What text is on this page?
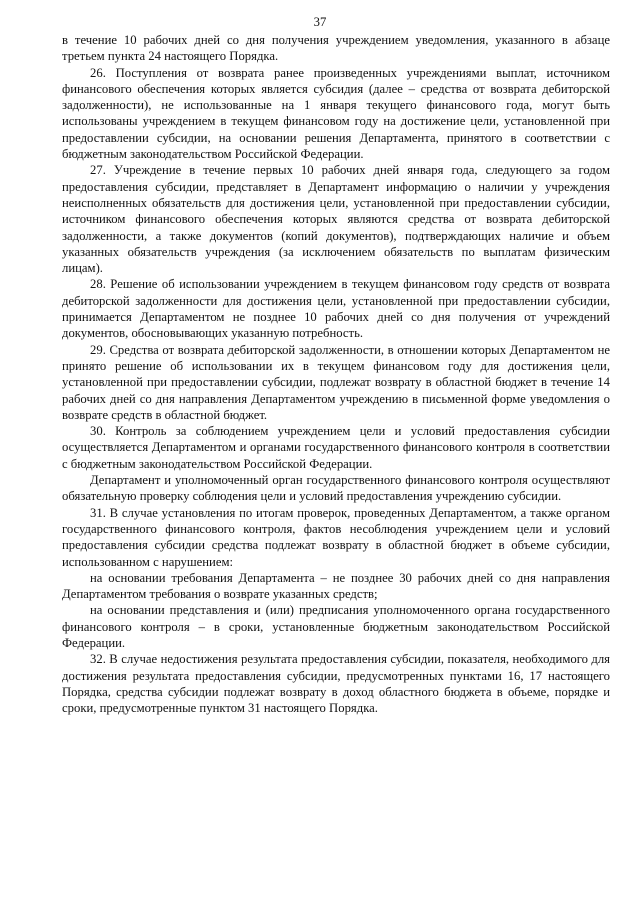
37

в течение 10 рабочих дней со дня получения учреждением уведомления, указанного в абзаце третьем пункта 24 настоящего Порядка.

26. Поступления от возврата ранее произведенных учреждениями выплат, источником финансового обеспечения которых является субсидия (далее – средства от возврата дебиторской задолженности), не использованные на 1 января текущего финансового года, могут быть использованы учреждением в текущем финансовом году на достижение цели, установленной при предоставлении субсидии, на основании решения Департамента, принятого в соответствии с бюджетным законодательством Российской Федерации.

27. Учреждение в течение первых 10 рабочих дней января года, следующего за годом предоставления субсидии, представляет в Департамент информацию о наличии у учреждения неисполненных обязательств для достижения цели, установленной при предоставлении субсидии, источником финансового обеспечения которых являются средства от возврата дебиторской задолженности, а также документов (копий документов), подтверждающих наличие и объем указанных обязательств учреждения (за исключением обязательств по выплатам физическим лицам).

28. Решение об использовании учреждением в текущем финансовом году средств от возврата дебиторской задолженности для достижения цели, установленной при предоставлении субсидии, принимается Департаментом не позднее 10 рабочих дней со дня получения от учреждений документов, обосновывающих указанную потребность.

29. Средства от возврата дебиторской задолженности, в отношении которых Департаментом не принято решение об использовании их в текущем финансовом году для достижения цели, установленной при предоставлении субсидии, подлежат возврату в областной бюджет в течение 14 рабочих дней со дня направления Департаментом учреждению в письменной форме уведомления о возврате средств в областной бюджет.

30. Контроль за соблюдением учреждением цели и условий предоставления субсидии осуществляется Департаментом и органами государственного финансового контроля в соответствии с бюджетным законодательством Российской Федерации.

Департамент и уполномоченный орган государственного финансового контроля осуществляют обязательную проверку соблюдения цели и условий предоставления учреждению субсидии.

31. В случае установления по итогам проверок, проведенных Департаментом, а также органом государственного финансового контроля, фактов несоблюдения учреждением цели и условий предоставления субсидии средства подлежат возврату в областной бюджет в объеме субсидии, использованном с нарушением:

на основании требования Департамента – не позднее 30 рабочих дней со дня направления Департаментом требования о возврате указанных средств;

на основании представления и (или) предписания уполномоченного органа государственного финансового контроля – в сроки, установленные бюджетным законодательством Российской Федерации.

32. В случае недостижения результата предоставления субсидии, показателя, необходимого для достижения результата предоставления субсидии, предусмотренных пунктами 16, 17 настоящего Порядка, средства субсидии подлежат возврату в доход областного бюджета в объеме, порядке и сроки, предусмотренные пунктом 31 настоящего Порядка.
